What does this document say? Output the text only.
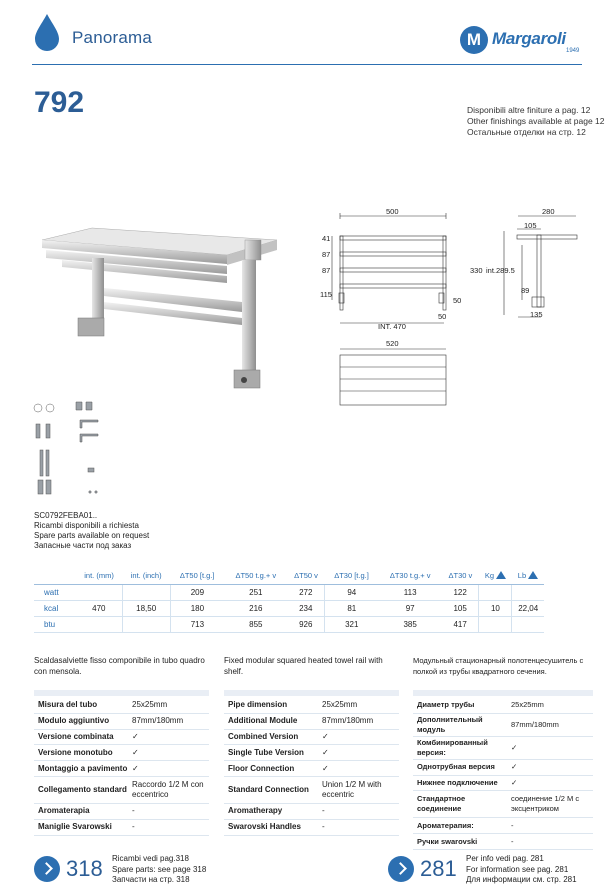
Panorama	M Margaroli
1949
792	Disponibili altre finiture a pag. 12
Other finishings available at page 12
Остальные отделки на стр. 12
500
41
87
87
115
INT. 470
50
50
330 int.289.5
280
105
89
135
520
SC0792FEBA01..
Ricambi disponibili a richiesta
Spare parts available on request
Запасные части под заказ
	int. (mm)	int. (inch)	ΔT50 [t.g.]	ΔT50 t.g.+ v	ΔT50 v	ΔT30 [t.g.]	ΔT30 t.g.+ v	ΔT30 v	Kg	Lb
watt			209	251	272	94	113	122		
kcal	470	18,50	180	216	234	81	97	105	10	22,04
btu			713	855	926	321	385	417		
Scaldasalviette fisso componibile in tubo quadro con mensola.
Fixed modular squared heated towel rail with shelf.
Модульный стационарный полотенцесушитель с полкой из трубы квадратного сечения.
Misura del tubo	25x25mm
Modulo aggiuntivo	87mm/180mm
Versione combinata	✓
Versione monotubo	✓
Montaggio a pavimento ✓
Collegamento standard
Raccordo 1/2 M con eccentrico
Aromaterapia	-
Maniglie Svarowski	-
Pipe dimension	25x25mm
Additional Module	87mm/180mm
Combined Version	✓
Single Tube Version	✓
Floor Connection	✓
Standard Connection
Union 1/2 M with eccentric
Aromatherapy	-
Swarovski Handles	-
Диаметр трубы	25x25mm
Дополнительный модуль
87mm/180mm
Комбинированный версия:
✓
Однотрубная версия	✓
Нижнее подключение	✓
Стандартное соединение
соединение 1/2 M с эксцентриком
Ароматерапия:	-
Ручки swarovski	-
318 Ricambi vedi pag.318
Spare parts: see page 318
Запчасти на стр. 318	281 Per info vedi pag. 281
For information see pag. 281
Для информации см. стр. 281
